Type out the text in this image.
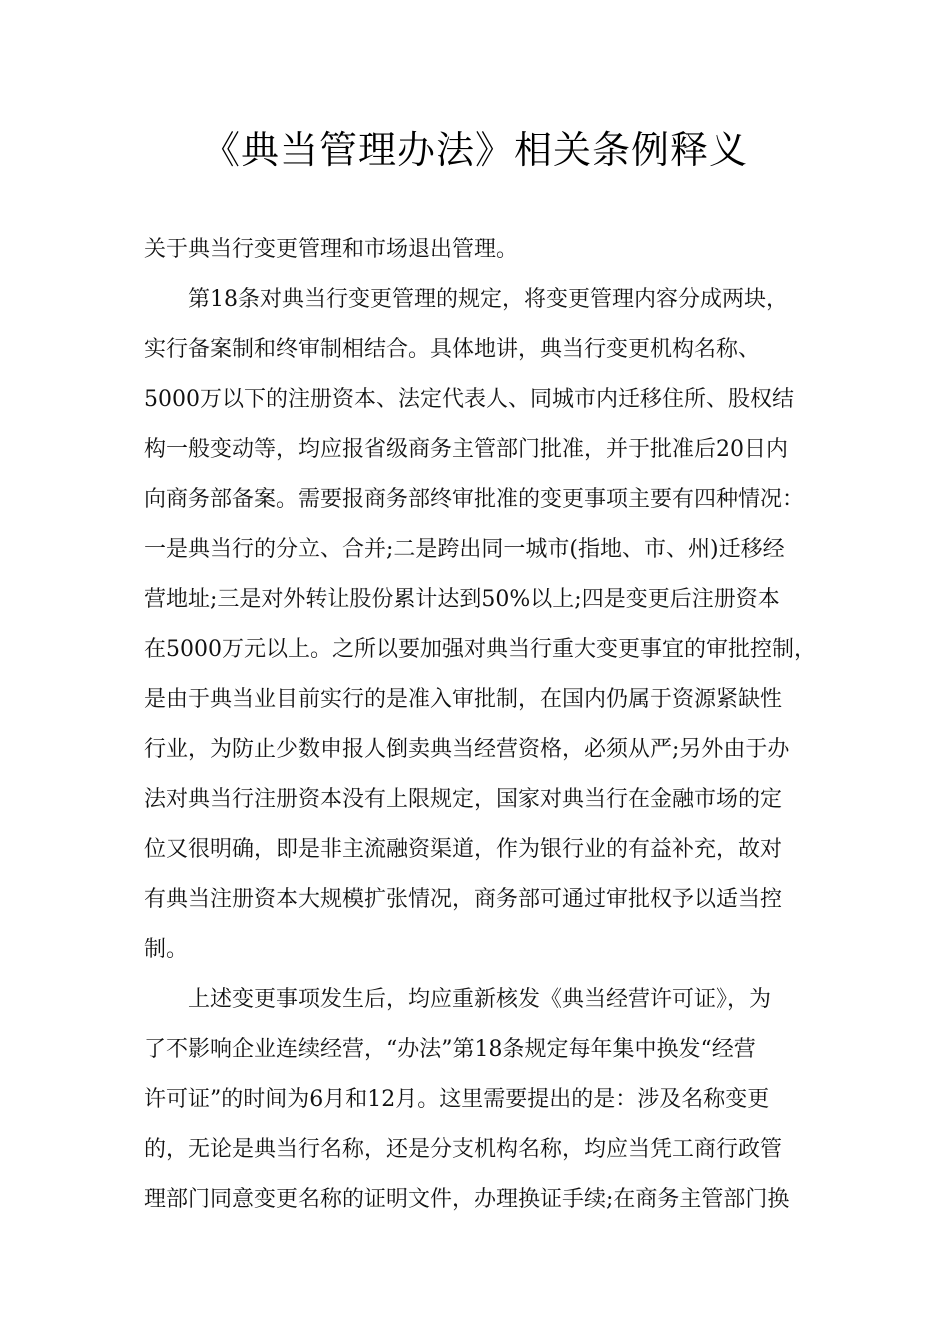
《典当管理办法》相关条例释义
关于典当行变更管理和市场退出管理。
第18条对典当行变更管理的规定，将变更管理内容分成两块，
实行备案制和终审制相结合。具体地讲，典当行变更机构名称、
5000万以下的注册资本、法定代表人、同城市内迁移住所、股权结
构一般变动等，均应报省级商务主管部门批准，并于批准后20日内
向商务部备案。需要报商务部终审批准的变更事项主要有四种情况：
一是典当行的分立、合并;二是跨出同一城市(指地、市、州)迁移经
营地址;三是对外转让股份累计达到50%以上;四是变更后注册资本
在5000万元以上。之所以要加强对典当行重大变更事宜的审批控制，
是由于典当业目前实行的是准入审批制，在国内仍属于资源紧缺性
行业，为防止少数申报人倒卖典当经营资格，必须从严;另外由于办
法对典当行注册资本没有上限规定，国家对典当行在金融市场的定
位又很明确，即是非主流融资渠道，作为银行业的有益补充，故对
有典当注册资本大规模扩张情况，商务部可通过审批权予以适当控
制。
上述变更事项发生后，均应重新核发《典当经营许可证》，为
了不影响企业连续经营，“办法”第18条规定每年集中换发“经营
许可证”的时间为6月和12月。这里需要提出的是：涉及名称变更
的，无论是典当行名称，还是分支机构名称，均应当凭工商行政管
理部门同意变更名称的证明文件，办理换证手续;在商务主管部门换
